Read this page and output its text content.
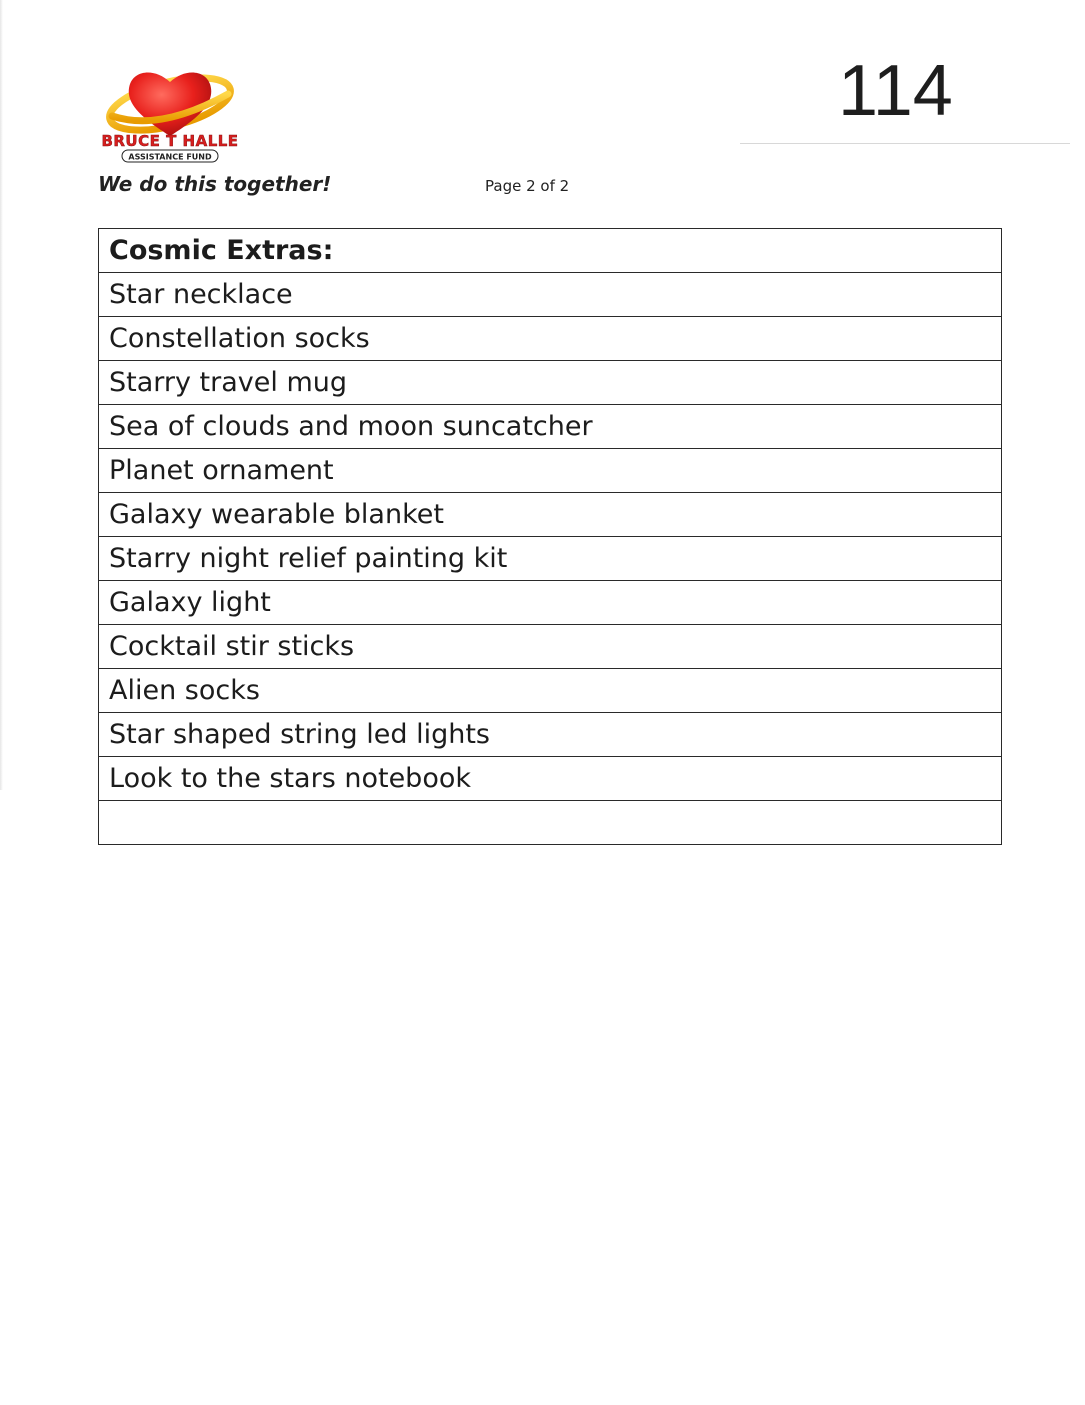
114
BRUCE T HALLE
ASSISTANCE FUND
We do this together!	Page 2 of 2
Cosmic Extras:
Star necklace
Constellation socks
Starry travel mug
Sea of clouds and moon suncatcher
Planet ornament
Galaxy wearable blanket
Starry night relief painting kit
Galaxy light
Cocktail stir sticks
Alien socks
Star shaped string led lights
Look to the stars notebook
